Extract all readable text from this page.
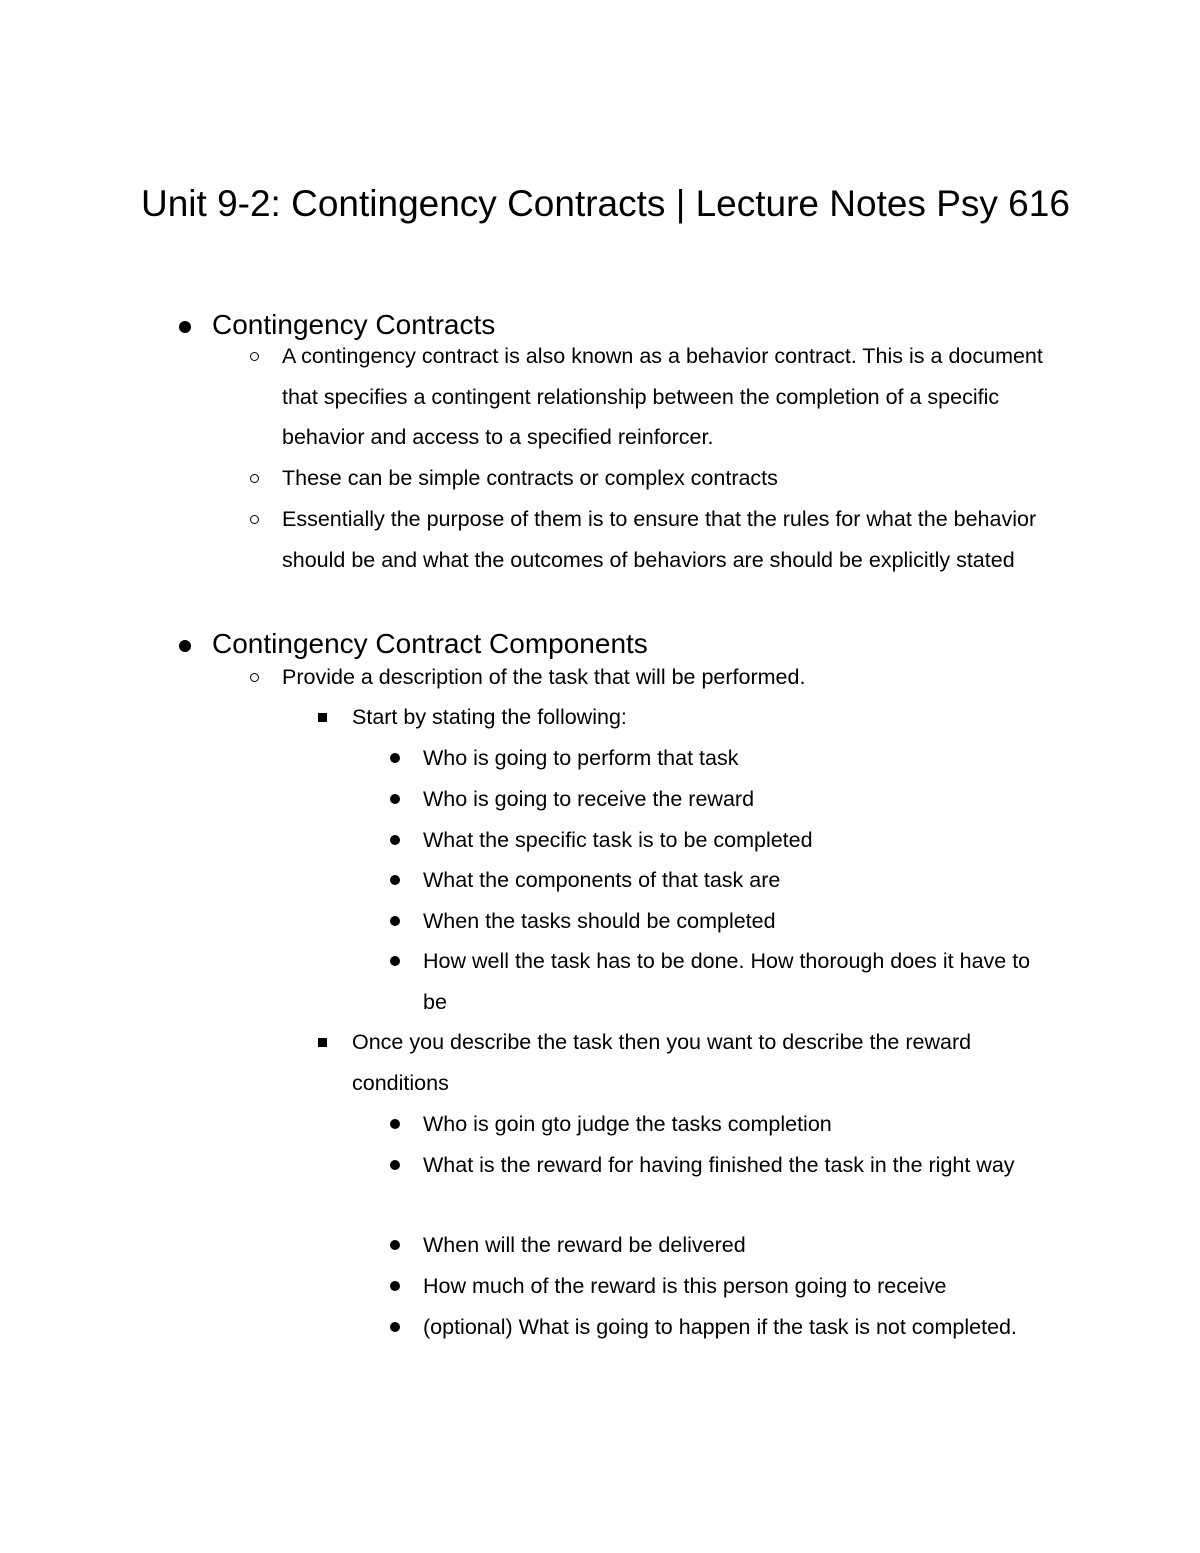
Unit 9-2: Contingency Contracts | Lecture Notes Psy 616
Contingency Contracts
A contingency contract is also known as a behavior contract. This is a document that specifies a contingent relationship between the completion of a specific behavior and access to a specified reinforcer.
These can be simple contracts or complex contracts
Essentially the purpose of them is to ensure that the rules for what the behavior should be and what the outcomes of behaviors are should be explicitly stated
Contingency Contract Components
Provide a description of the task that will be performed.
Start by stating the following:
Who is going to perform that task
Who is going to receive the reward
What the specific task is to be completed
What the components of that task are
When the tasks should be completed
How well the task has to be done. How thorough does it have to be
Once you describe the task then you want to describe the reward conditions
Who is goin gto judge the tasks completion
What is the reward for having finished the task in the right way
When will the reward be delivered
How much of the reward is this person going to receive
(optional) What is going to happen if the task is not completed.
